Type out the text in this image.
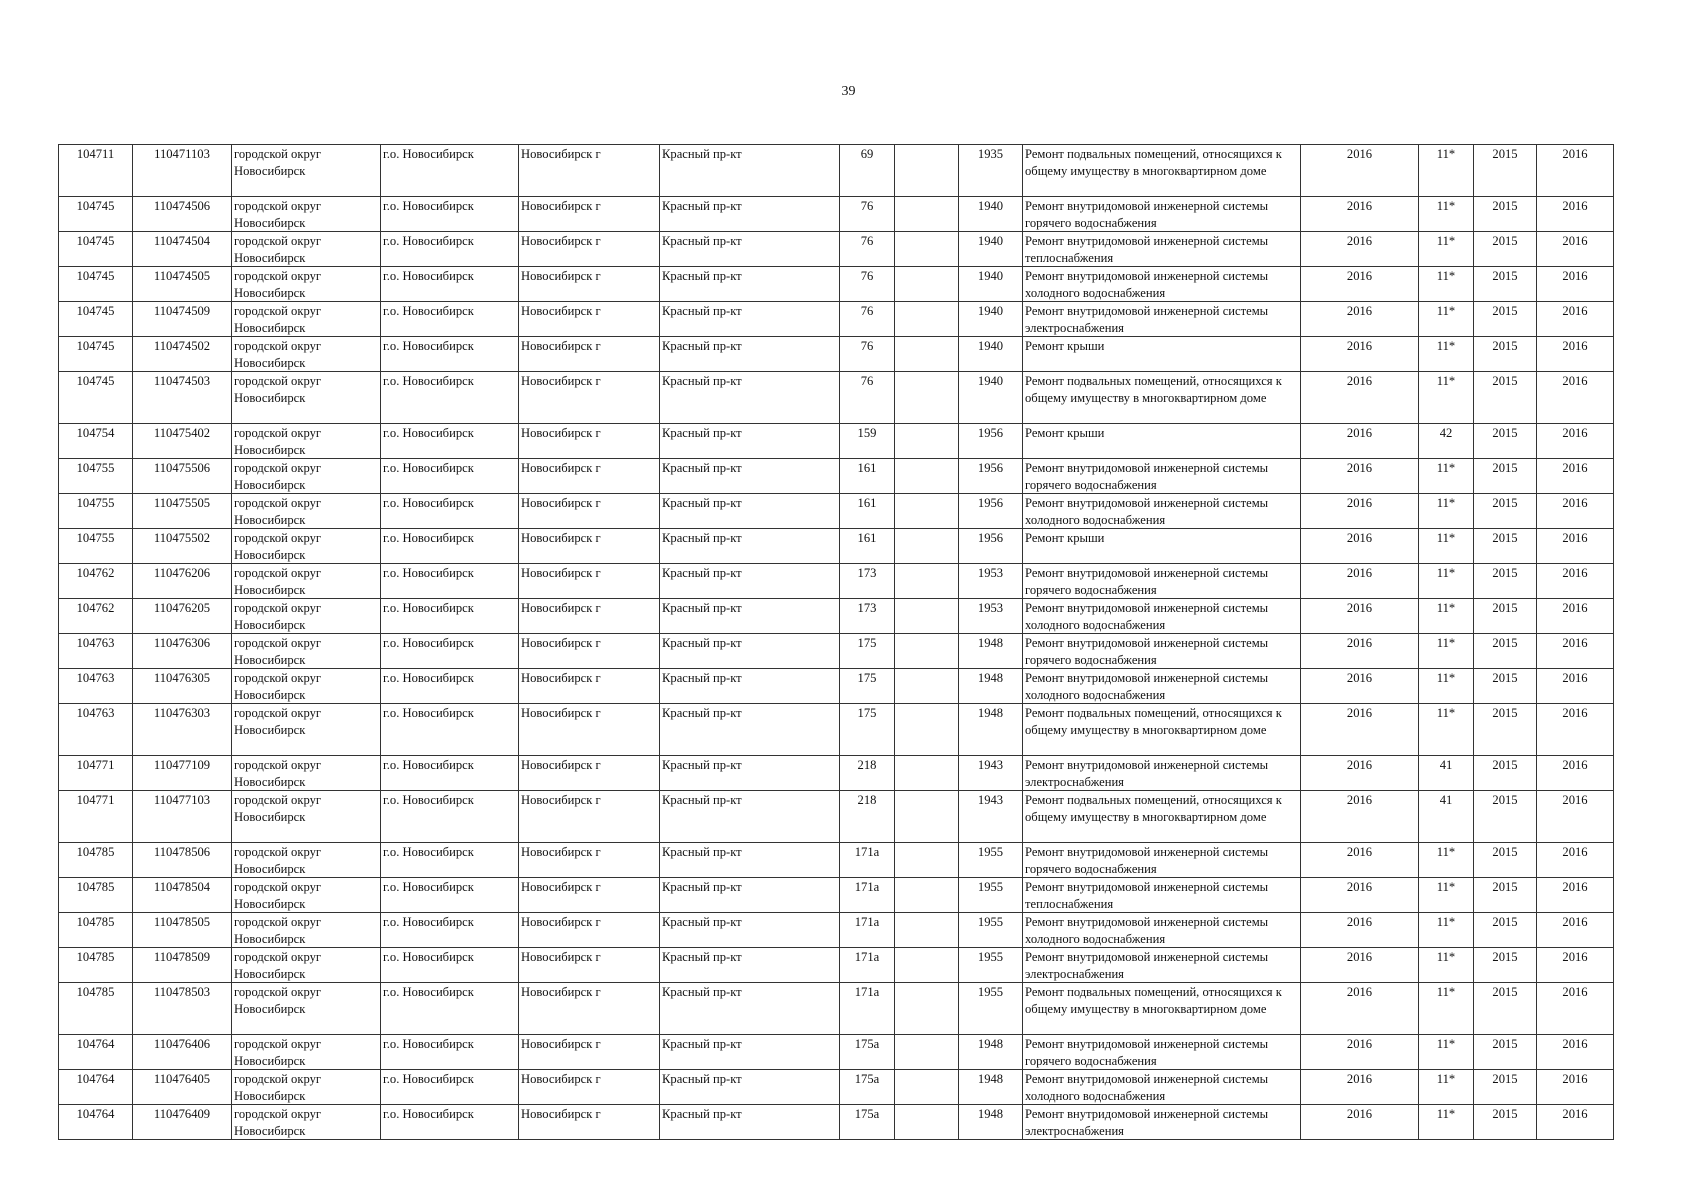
39
104711	110471103	городской округ Новосибирск	г.о. Новосибирск	Новосибирск г	Красный пр-кт	69		1935	Ремонт подвальных помещений, относящихся к общему имуществу в многоквартирном доме	2016	11*	2015	2016
104745	110474506	городской округ Новосибирск	г.о. Новосибирск	Новосибирск г	Красный пр-кт	76		1940	Ремонт внутридомовой инженерной системы горячего водоснабжения	2016	11*	2015	2016
104745	110474504	городской округ Новосибирск	г.о. Новосибирск	Новосибирск г	Красный пр-кт	76		1940	Ремонт внутридомовой инженерной системы теплоснабжения	2016	11*	2015	2016
104745	110474505	городской округ Новосибирск	г.о. Новосибирск	Новосибирск г	Красный пр-кт	76		1940	Ремонт внутридомовой инженерной системы холодного водоснабжения	2016	11*	2015	2016
104745	110474509	городской округ Новосибирск	г.о. Новосибирск	Новосибирск г	Красный пр-кт	76		1940	Ремонт внутридомовой инженерной системы электроснабжения	2016	11*	2015	2016
104745	110474502	городской округ Новосибирск	г.о. Новосибирск	Новосибирск г	Красный пр-кт	76		1940	Ремонт крыши	2016	11*	2015	2016
104745	110474503	городской округ Новосибирск	г.о. Новосибирск	Новосибирск г	Красный пр-кт	76		1940	Ремонт подвальных помещений, относящихся к общему имуществу в многоквартирном доме	2016	11*	2015	2016
104754	110475402	городской округ Новосибирск	г.о. Новосибирск	Новосибирск г	Красный пр-кт	159		1956	Ремонт крыши	2016	42	2015	2016
104755	110475506	городской округ Новосибирск	г.о. Новосибирск	Новосибирск г	Красный пр-кт	161		1956	Ремонт внутридомовой инженерной системы горячего водоснабжения	2016	11*	2015	2016
104755	110475505	городской округ Новосибирск	г.о. Новосибирск	Новосибирск г	Красный пр-кт	161		1956	Ремонт внутридомовой инженерной системы холодного водоснабжения	2016	11*	2015	2016
104755	110475502	городской округ Новосибирск	г.о. Новосибирск	Новосибирск г	Красный пр-кт	161		1956	Ремонт крыши	2016	11*	2015	2016
104762	110476206	городской округ Новосибирск	г.о. Новосибирск	Новосибирск г	Красный пр-кт	173		1953	Ремонт внутридомовой инженерной системы горячего водоснабжения	2016	11*	2015	2016
104762	110476205	городской округ Новосибирск	г.о. Новосибирск	Новосибирск г	Красный пр-кт	173		1953	Ремонт внутридомовой инженерной системы холодного водоснабжения	2016	11*	2015	2016
104763	110476306	городской округ Новосибирск	г.о. Новосибирск	Новосибирск г	Красный пр-кт	175		1948	Ремонт внутридомовой инженерной системы горячего водоснабжения	2016	11*	2015	2016
104763	110476305	городской округ Новосибирск	г.о. Новосибирск	Новосибирск г	Красный пр-кт	175		1948	Ремонт внутридомовой инженерной системы холодного водоснабжения	2016	11*	2015	2016
104763	110476303	городской округ Новосибирск	г.о. Новосибирск	Новосибирск г	Красный пр-кт	175		1948	Ремонт подвальных помещений, относящихся к общему имуществу в многоквартирном доме	2016	11*	2015	2016
104771	110477109	городской округ Новосибирск	г.о. Новосибирск	Новосибирск г	Красный пр-кт	218		1943	Ремонт внутридомовой инженерной системы электроснабжения	2016	41	2015	2016
104771	110477103	городской округ Новосибирск	г.о. Новосибирск	Новосибирск г	Красный пр-кт	218		1943	Ремонт подвальных помещений, относящихся к общему имуществу в многоквартирном доме	2016	41	2015	2016
104785	110478506	городской округ Новосибирск	г.о. Новосибирск	Новосибирск г	Красный пр-кт	171а		1955	Ремонт внутридомовой инженерной системы горячего водоснабжения	2016	11*	2015	2016
104785	110478504	городской округ Новосибирск	г.о. Новосибирск	Новосибирск г	Красный пр-кт	171а		1955	Ремонт внутридомовой инженерной системы теплоснабжения	2016	11*	2015	2016
104785	110478505	городской округ Новосибирск	г.о. Новосибирск	Новосибирск г	Красный пр-кт	171а		1955	Ремонт внутридомовой инженерной системы холодного водоснабжения	2016	11*	2015	2016
104785	110478509	городской округ Новосибирск	г.о. Новосибирск	Новосибирск г	Красный пр-кт	171а		1955	Ремонт внутридомовой инженерной системы электроснабжения	2016	11*	2015	2016
104785	110478503	городской округ Новосибирск	г.о. Новосибирск	Новосибирск г	Красный пр-кт	171а		1955	Ремонт подвальных помещений, относящихся к общему имуществу в многоквартирном доме	2016	11*	2015	2016
104764	110476406	городской округ Новосибирск	г.о. Новосибирск	Новосибирск г	Красный пр-кт	175а		1948	Ремонт внутридомовой инженерной системы горячего водоснабжения	2016	11*	2015	2016
104764	110476405	городской округ Новосибирск	г.о. Новосибирск	Новосибирск г	Красный пр-кт	175а		1948	Ремонт внутридомовой инженерной системы холодного водоснабжения	2016	11*	2015	2016
104764	110476409	городской округ Новосибирск	г.о. Новосибирск	Новосибирск г	Красный пр-кт	175а		1948	Ремонт внутридомовой инженерной системы электроснабжения	2016	11*	2015	2016
